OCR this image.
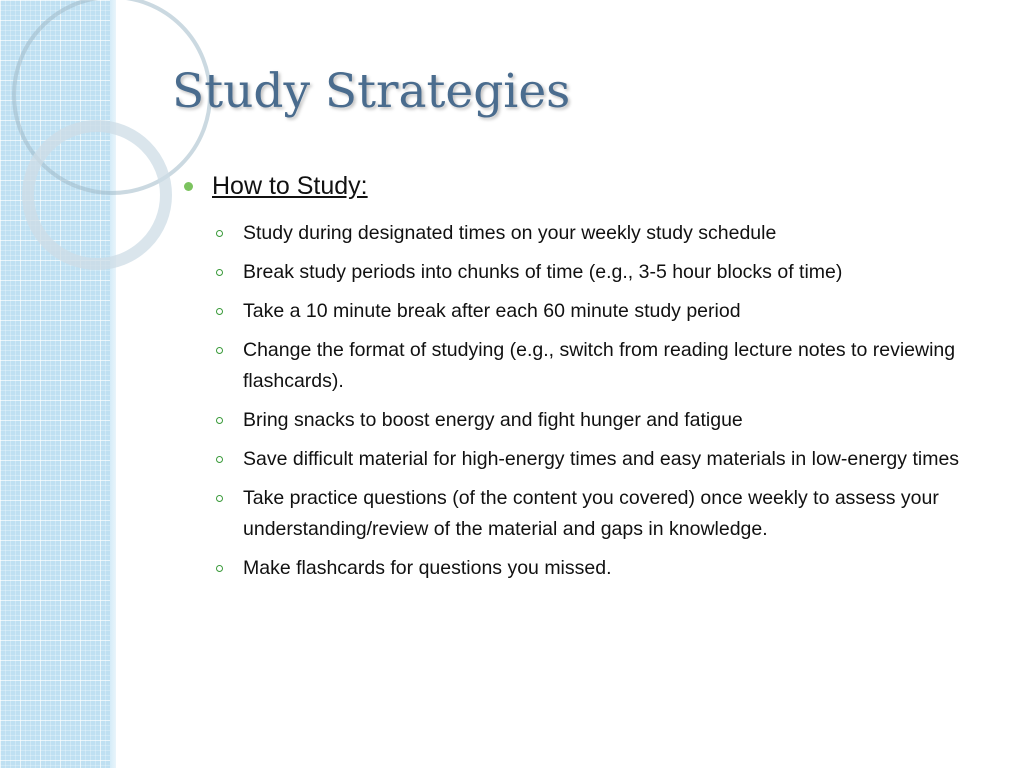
Study Strategies
How to Study:
Study during designated times on your weekly study schedule
Break study periods into chunks of time (e.g., 3-5 hour blocks of time)
Take a 10 minute break after each 60 minute study period
Change the format of studying (e.g., switch from reading lecture notes to reviewing flashcards).
Bring snacks to boost energy and fight hunger and fatigue
Save difficult material for high-energy times and easy materials in low-energy times
Take practice questions (of the content you covered) once weekly to assess your understanding/review of the material and gaps in knowledge.
Make flashcards for questions you missed.
